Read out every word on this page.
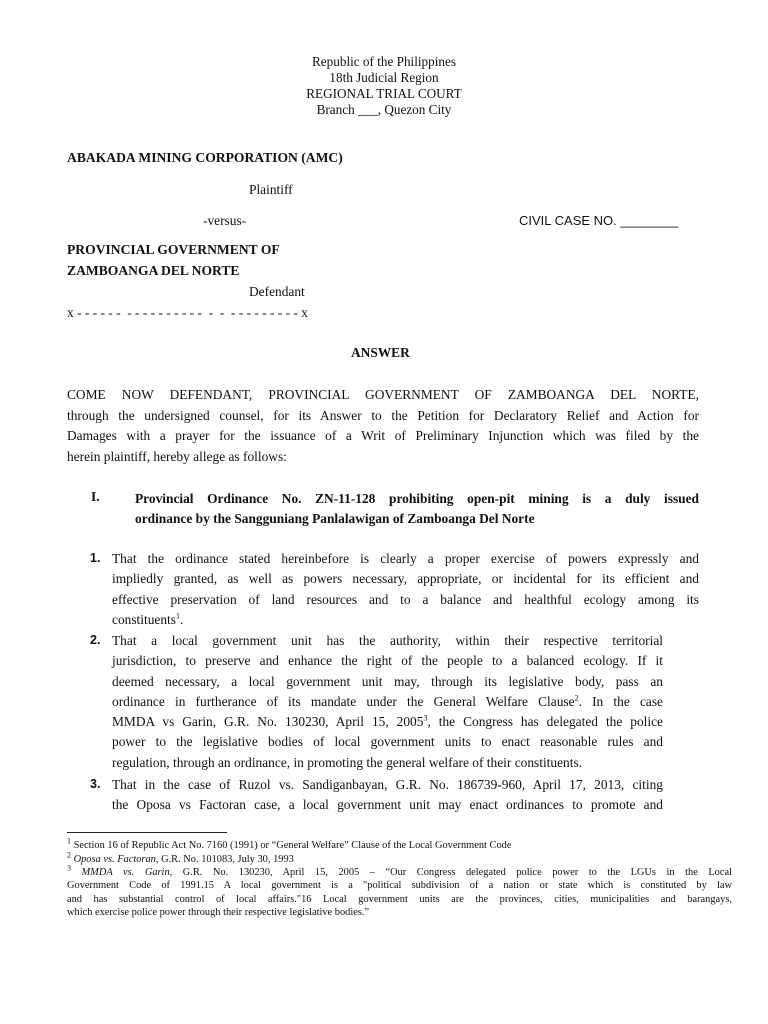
Republic of the Philippines
18th Judicial Region
REGIONAL TRIAL COURT
Branch ___, Quezon City
ABAKADA MINING CORPORATION (AMC)
Plaintiff
-versus-	CIVIL CASE NO. ________
PROVINCIAL GOVERNMENT OF
ZAMBOANGA DEL NORTE
Defendant
x - - - - - -  - - - - - - - - - -  -  -  - - - - - - - - - x
ANSWER
COME NOW DEFENDANT, PROVINCIAL GOVERNMENT OF ZAMBOANGA DEL NORTE,
through the undersigned counsel, for its Answer to the Petition for Declaratory Relief and Action for
Damages with a prayer for the issuance of a Writ of Preliminary Injunction which was filed by the
herein plaintiff, hereby allege as follows:
I.	Provincial Ordinance No. ZN-11-128 prohibiting open-pit mining is a duly issued
ordinance by the Sangguniang Panlalawigan of Zamboanga Del Norte
1. That the ordinance stated hereinbefore is clearly a proper exercise of powers expressly and
impliedly granted, as well as powers necessary, appropriate, or incidental for its efficient and
effective preservation of land resources and to a balance and healthful ecology among its
constituents$^1$.
2. That a local government unit has the authority, within their respective territorial
jurisdiction, to preserve and enhance the right of the people to a balanced ecology. If it
deemed necessary, a local government unit may, through its legislative body, pass an
ordinance in furtherance of its mandate under the General Welfare Clause$^2$. In the case
MMDA vs Garin, G.R. No. 130230, April 15, 2005$^3$, the Congress has delegated the police
power to the legislative bodies of local government units to enact reasonable rules and
regulation, through an ordinance, in promoting the general welfare of their constituents.
3. That in the case of Ruzol vs. Sandiganbayan, G.R. No. 186739-960, April 17, 2013, citing
the Oposa vs Factoran case, a local government unit may enact ordinances to promote and
$^1$ Section 16 of Republic Act No. 7160 (1991) or “General Welfare” Clause of the Local Government Code
$^2$ Oposa vs. Factoran, G.R. No. 101083, July 30, 1993
$^3$ MMDA vs. Garin, G.R. No. 130230, April 15, 2005 – “Our Congress delegated police power to the LGUs in the Local
Government Code of 1991.15 A local government is a "political subdivision of a nation or state which is constituted by law
and has substantial control of local affairs."16 Local government units are the provinces, cities, municipalities and barangays,
which exercise police power through their respective legislative bodies.”
